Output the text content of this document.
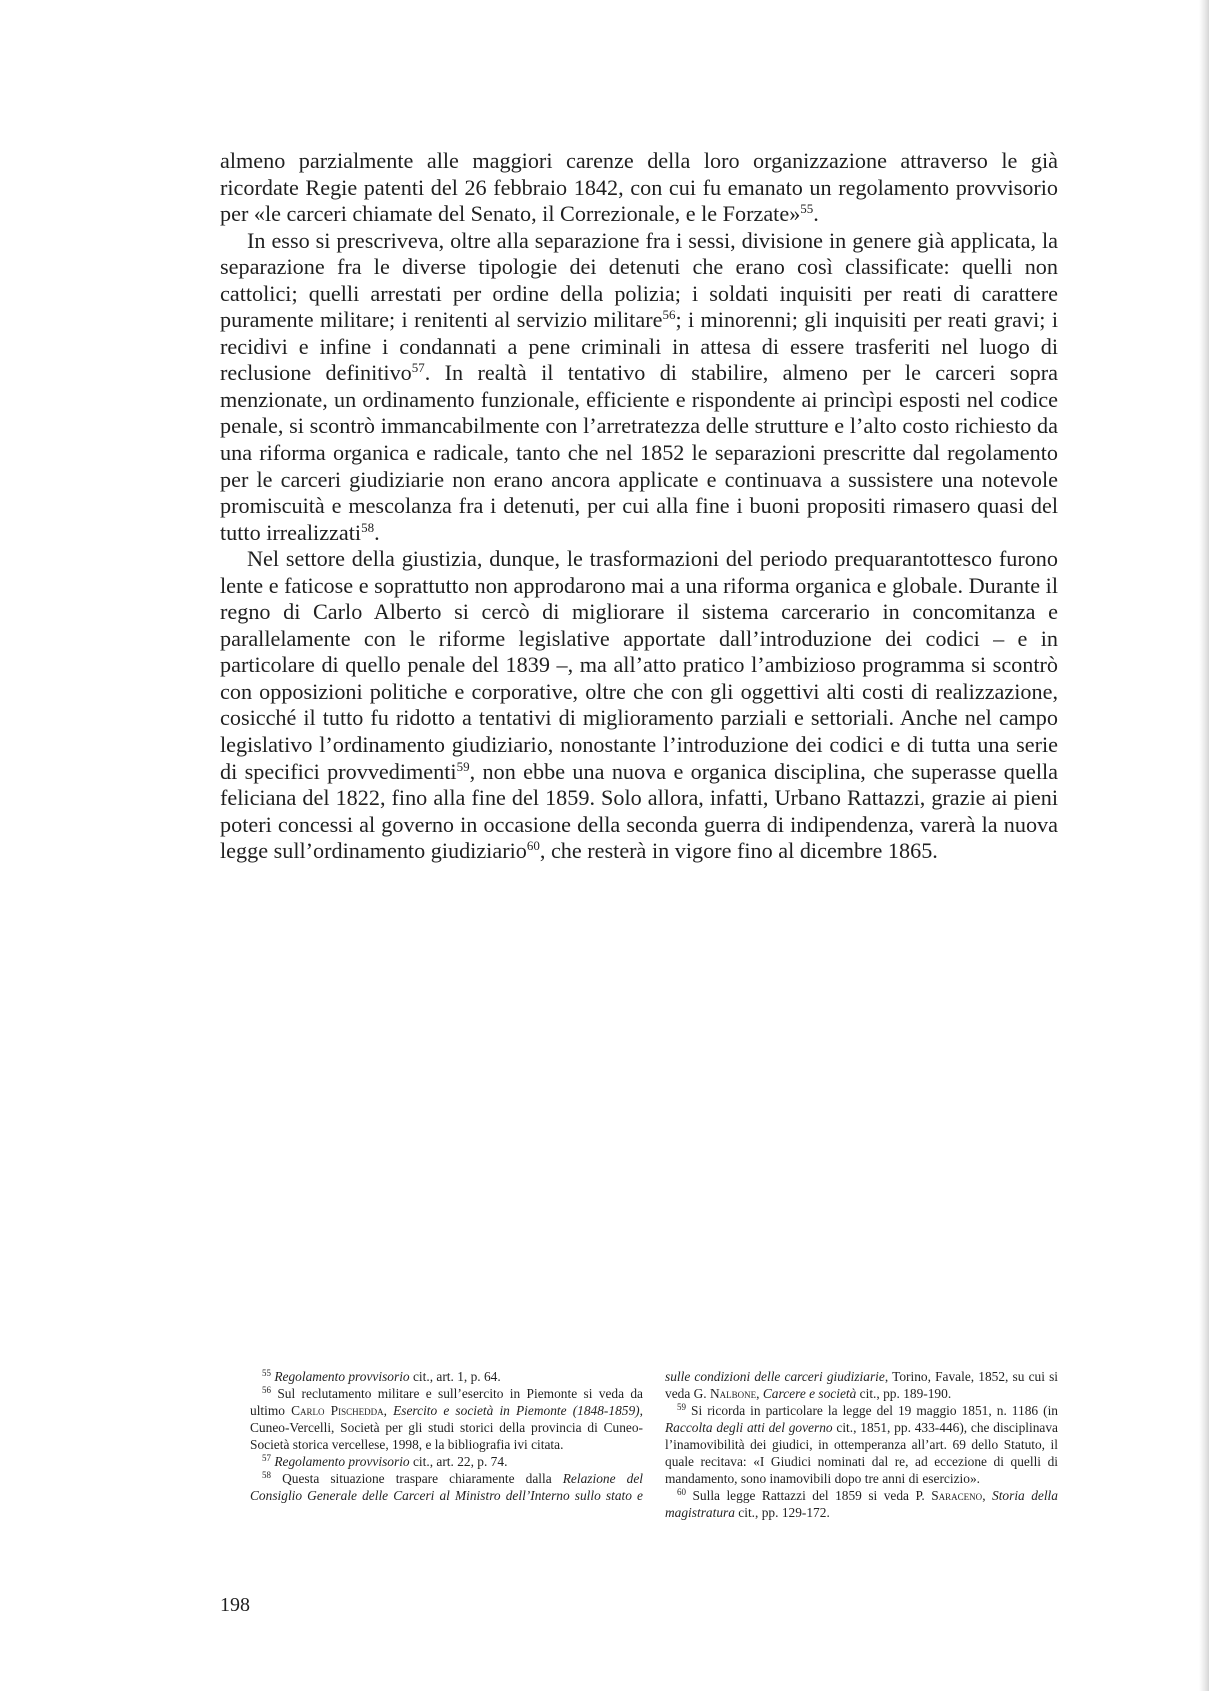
almeno parzialmente alle maggiori carenze della loro organizzazione attraverso le già ricordate Regie patenti del 26 febbraio 1842, con cui fu emanato un regolamento provvisorio per «le carceri chiamate del Senato, il Correzionale, e le Forzate»$^{55}$.

In esso si prescriveva, oltre alla separazione fra i sessi, divisione in genere già applicata, la separazione fra le diverse tipologie dei detenuti che erano così classificate: quelli non cattolici; quelli arrestati per ordine della polizia; i soldati inquisiti per reati di carattere puramente militare; i renitenti al servizio militare$^{56}$; i minorenni; gli inquisiti per reati gravi; i recidivi e infine i condannati a pene criminali in attesa di essere trasferiti nel luogo di reclusione definitivo$^{57}$. In realtà il tentativo di stabilire, almeno per le carceri sopra menzionate, un ordinamento funzionale, efficiente e rispondente ai princìpi esposti nel codice penale, si scontrò immancabilmente con l’arretratezza delle strutture e l’alto costo richiesto da una riforma organica e radicale, tanto che nel 1852 le separazioni prescritte dal regolamento per le carceri giudiziarie non erano ancora applicate e continuava a sussistere una notevole promiscuità e mescolanza fra i detenuti, per cui alla fine i buoni propositi rimasero quasi del tutto irrealizzati$^{58}$.

Nel settore della giustizia, dunque, le trasformazioni del periodo prequarantottesco furono lente e faticose e soprattutto non approdarono mai a una riforma organica e globale. Durante il regno di Carlo Alberto si cercò di migliorare il sistema carcerario in concomitanza e parallelamente con le riforme legislative apportate dall’introduzione dei codici – e in particolare di quello penale del 1839 –, ma all’atto pratico l’ambizioso programma si scontrò con opposizioni politiche e corporative, oltre che con gli oggettivi alti costi di realizzazione, cosicché il tutto fu ridotto a tentativi di miglioramento parziali e settoriali. Anche nel campo legislativo l’ordinamento giudiziario, nonostante l’introduzione dei codici e di tutta una serie di specifici provvedimenti$^{59}$, non ebbe una nuova e organica disciplina, che superasse quella feliciana del 1822, fino alla fine del 1859. Solo allora, infatti, Urbano Rattazzi, grazie ai pieni poteri concessi al governo in occasione della seconda guerra di indipendenza, varerà la nuova legge sull’ordinamento giudiziario$^{60}$, che resterà in vigore fino al dicembre 1865.

$^{55}$ Regolamento provvisorio cit., art. 1, p. 64.

$^{56}$ Sul reclutamento militare e sull’esercito in Piemonte si veda da ultimo Carlo Pischedda, Esercito e società in Piemonte (1848-1859), Cuneo-Vercelli, Società per gli studi storici della provincia di Cuneo-Società storica vercellese, 1998, e la bibliografia ivi citata.

$^{57}$ Regolamento provvisorio cit., art. 22, p. 74.

$^{58}$ Questa situazione traspare chiaramente dalla Relazione del Consiglio Generale delle Carceri al Ministro dell’Interno sullo stato e sulle condizioni delle carceri giudiziarie, Torino, Favale, 1852, su cui si veda G. Nalbone, Carcere e società cit., pp. 189-190.

$^{59}$ Si ricorda in particolare la legge del 19 maggio 1851, n. 1186 (in Raccolta degli atti del governo cit., 1851, pp. 433-446), che disciplinava l’inamovibilità dei giudici, in ottemperanza all’art. 69 dello Statuto, il quale recitava: «I Giudici nominati dal re, ad eccezione di quelli di mandamento, sono inamovibili dopo tre anni di esercizio».

$^{60}$ Sulla legge Rattazzi del 1859 si veda P. Saraceno, Storia della magistratura cit., pp. 129-172.

198
